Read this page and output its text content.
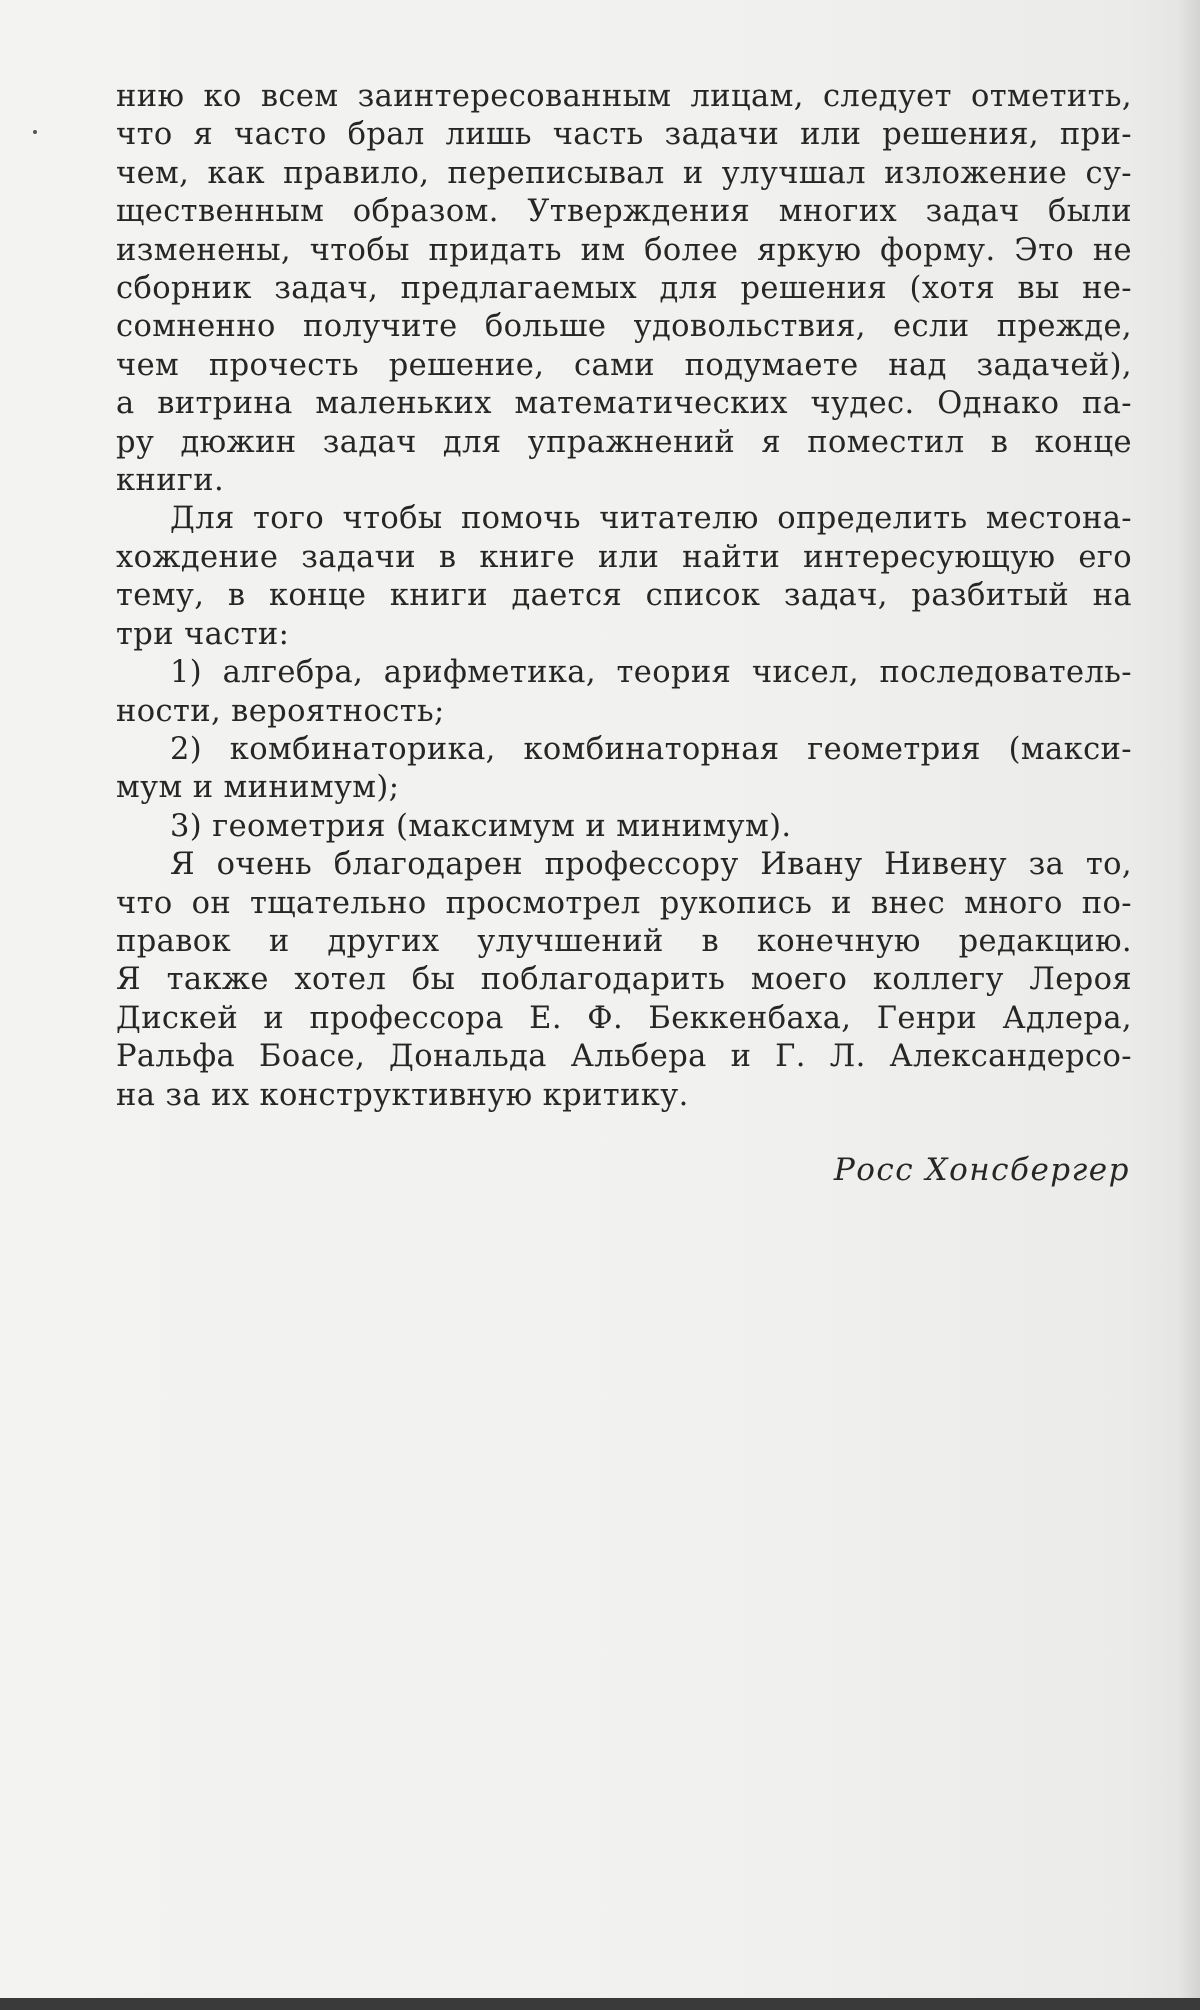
нию ко всем заинтересованным лицам, следует отметить,
что я часто брал лишь часть задачи или решения, при-
чем, как правило, переписывал и улучшал изложение су-
щественным образом. Утверждения многих задач были
изменены, чтобы придать им более яркую форму. Это не
сборник задач, предлагаемых для решения (хотя вы не-
сомненно получите больше удовольствия, если прежде,
чем прочесть решение, сами подумаете над задачей),
а витрина маленьких математических чудес. Однако па-
ру дюжин задач для упражнений я поместил в конце
книги.
Для того чтобы помочь читателю определить местона-
хождение задачи в книге или найти интересующую его
тему, в конце книги дается список задач, разбитый на
три части:
1) алгебра, арифметика, теория чисел, последователь-
ности, вероятность;
2) комбинаторика, комбинаторная геометрия (макси-
мум и минимум);
3) геометрия (максимум и минимум).
Я очень благодарен профессору Ивану Нивену за то,
что он тщательно просмотрел рукопись и внес много по-
правок и других улучшений в конечную редакцию.
Я также хотел бы поблагодарить моего коллегу Лероя
Дискей и профессора Е. Ф. Беккенбаха, Генри Адлера,
Ральфа Боасе, Дональда Альбера и Г. Л. Александерсо-
на за их конструктивную критику.
Росс Хонсбергер
